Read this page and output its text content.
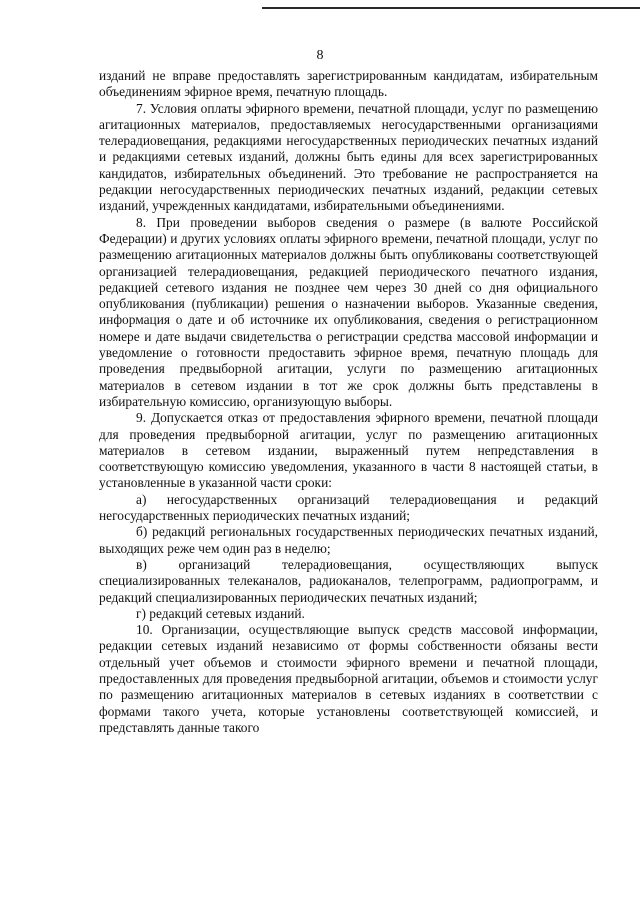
8

изданий не вправе предоставлять зарегистрированным кандидатам, избирательным объединениям эфирное время, печатную площадь.

7. Условия оплаты эфирного времени, печатной площади, услуг по размещению агитационных материалов, предоставляемых негосударственными организациями телерадиовещания, редакциями негосударственных периодических печатных изданий и редакциями сетевых изданий, должны быть едины для всех зарегистрированных кандидатов, избирательных объединений. Это требование не распространяется на редакции негосударственных периодических печатных изданий, редакции сетевых изданий, учрежденных кандидатами, избирательными объединениями.

8. При проведении выборов сведения о размере (в валюте Российской Федерации) и других условиях оплаты эфирного времени, печатной площади, услуг по размещению агитационных материалов должны быть опубликованы соответствующей организацией телерадиовещания, редакцией периодического печатного издания, редакцией сетевого издания не позднее чем через 30 дней со дня официального опубликования (публикации) решения о назначении выборов. Указанные сведения, информация о дате и об источнике их опубликования, сведения о регистрационном номере и дате выдачи свидетельства о регистрации средства массовой информации и уведомление о готовности предоставить эфирное время, печатную площадь для проведения предвыборной агитации, услуги по размещению агитационных материалов в сетевом издании в тот же срок должны быть представлены в избирательную комиссию, организующую выборы.

9. Допускается отказ от предоставления эфирного времени, печатной площади для проведения предвыборной агитации, услуг по размещению агитационных материалов в сетевом издании, выраженный путем непредставления в соответствующую комиссию уведомления, указанного в части 8 настоящей статьи, в установленные в указанной части сроки:

а) негосударственных организаций телерадиовещания и редакций негосударственных периодических печатных изданий;

б) редакций региональных государственных периодических печатных изданий, выходящих реже чем один раз в неделю;

в) организаций телерадиовещания, осуществляющих выпуск специализированных телеканалов, радиоканалов, телепрограмм, радиопрограмм, и редакций специализированных периодических печатных изданий;

г) редакций сетевых изданий.

10. Организации, осуществляющие выпуск средств массовой информации, редакции сетевых изданий независимо от формы собственности обязаны вести отдельный учет объемов и стоимости эфирного времени и печатной площади, предоставленных для проведения предвыборной агитации, объемов и стоимости услуг по размещению агитационных материалов в сетевых изданиях в соответствии с формами такого учета, которые установлены соответствующей комиссией, и представлять данные такого
